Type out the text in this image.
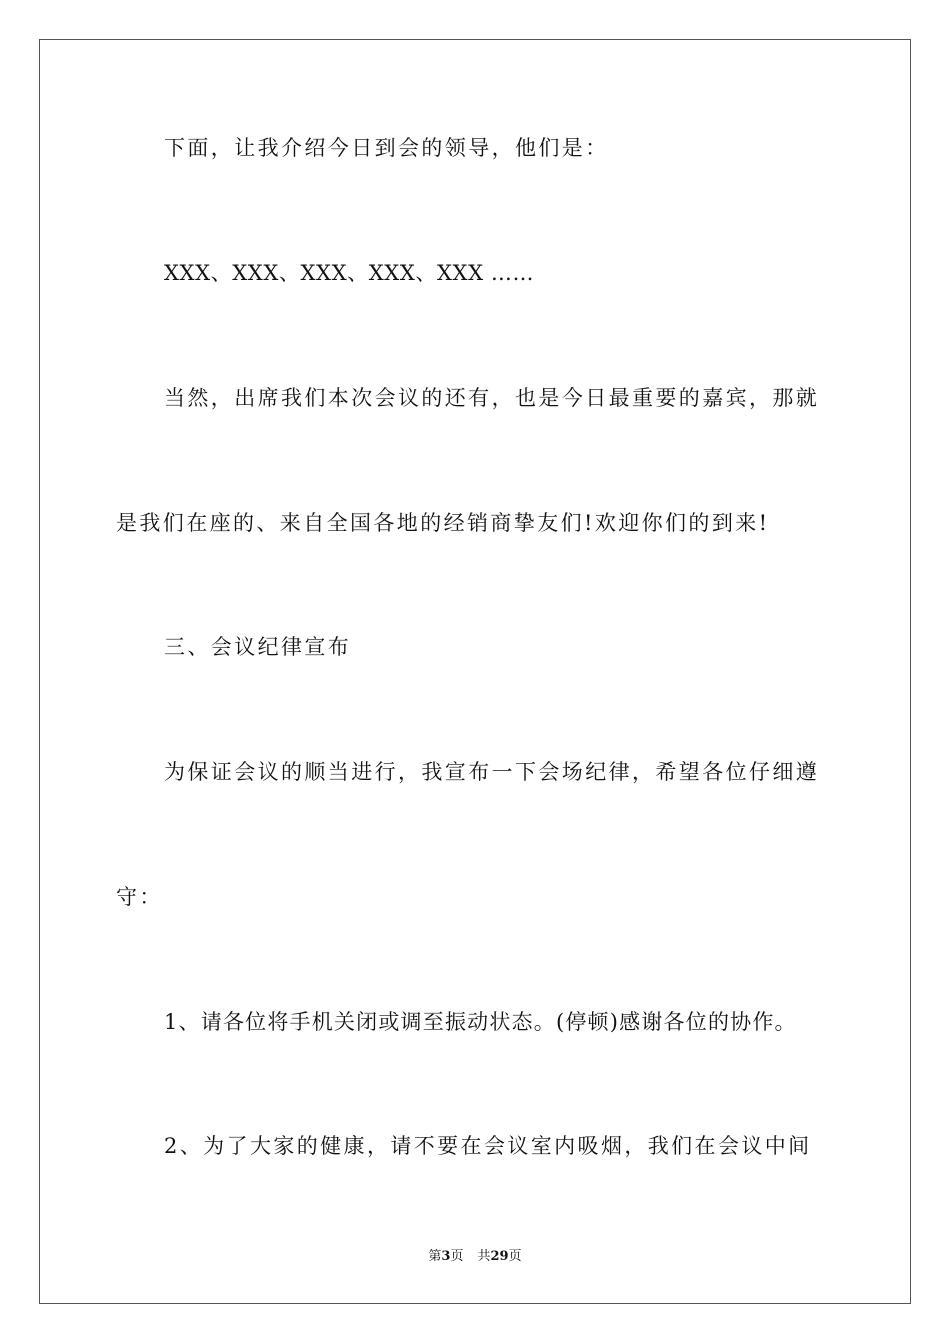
下面，让我介绍今日到会的领导，他们是：
XXX、XXX、XXX、XXX、XXX ……
当然，出席我们本次会议的还有，也是今日最重要的嘉宾，那就
是我们在座的、来自全国各地的经销商挚友们!欢迎你们的到来!
三、会议纪律宣布
为保证会议的顺当进行，我宣布一下会场纪律，希望各位仔细遵
守：
1、请各位将手机关闭或调至振动状态。(停顿)感谢各位的协作。
2、为了大家的健康，请不要在会议室内吸烟，我们在会议中间
第3页 共29页
